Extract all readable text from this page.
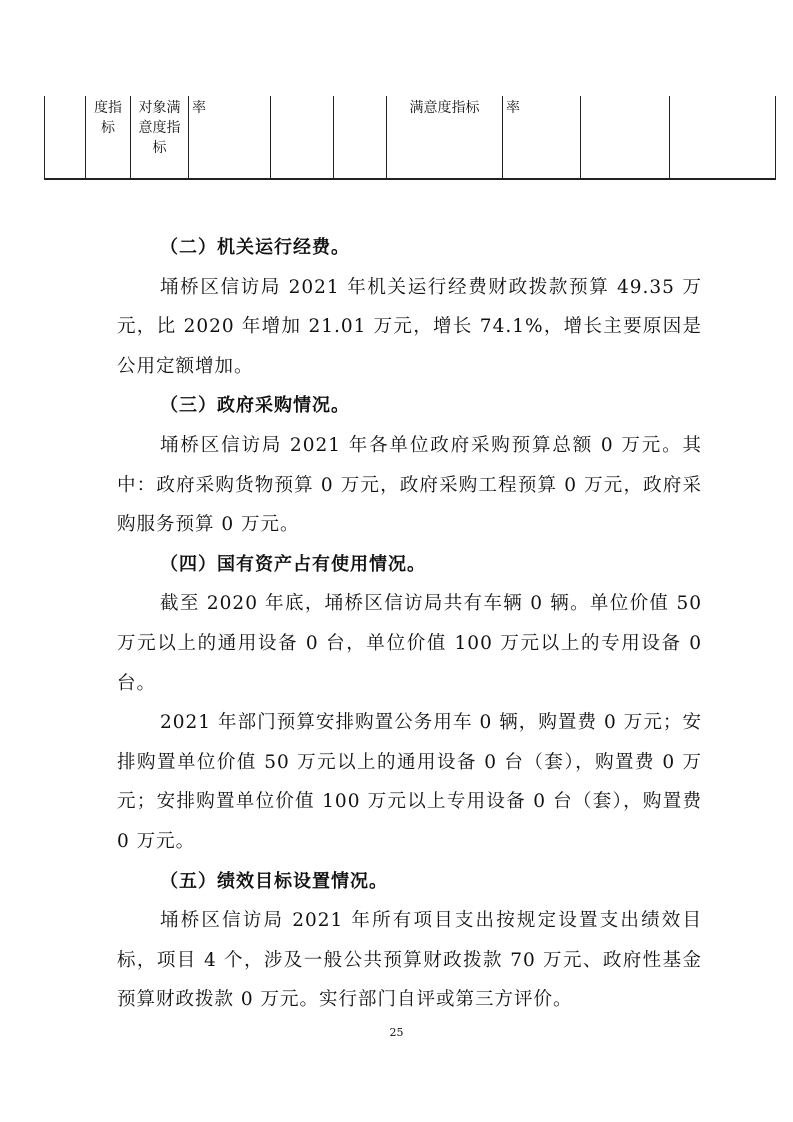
	度指标	对象满意度指标	率			满意度指标	率		

（二）机关运行经费。

埇桥区信访局 2021 年机关运行经费财政拨款预算 49.35 万元，比 2020 年增加 21.01 万元，增长 74.1%，增长主要原因是公用定额增加。

（三）政府采购情况。

埇桥区信访局 2021 年各单位政府采购预算总额 0 万元。其中：政府采购货物预算 0 万元，政府采购工程预算 0 万元，政府采购服务预算 0 万元。

（四）国有资产占有使用情况。

截至 2020 年底，埇桥区信访局共有车辆 0 辆。单位价值 50 万元以上的通用设备 0 台，单位价值 100 万元以上的专用设备 0 台。

2021 年部门预算安排购置公务用车 0 辆，购置费 0 万元；安排购置单位价值 50 万元以上的通用设备 0 台（套），购置费 0 万元；安排购置单位价值 100 万元以上专用设备 0 台（套），购置费 0 万元。

（五）绩效目标设置情况。

埇桥区信访局 2021 年所有项目支出按规定设置支出绩效目标，项目 4 个，涉及一般公共预算财政拨款 70 万元、政府性基金预算财政拨款 0 万元。实行部门自评或第三方评价。

25
